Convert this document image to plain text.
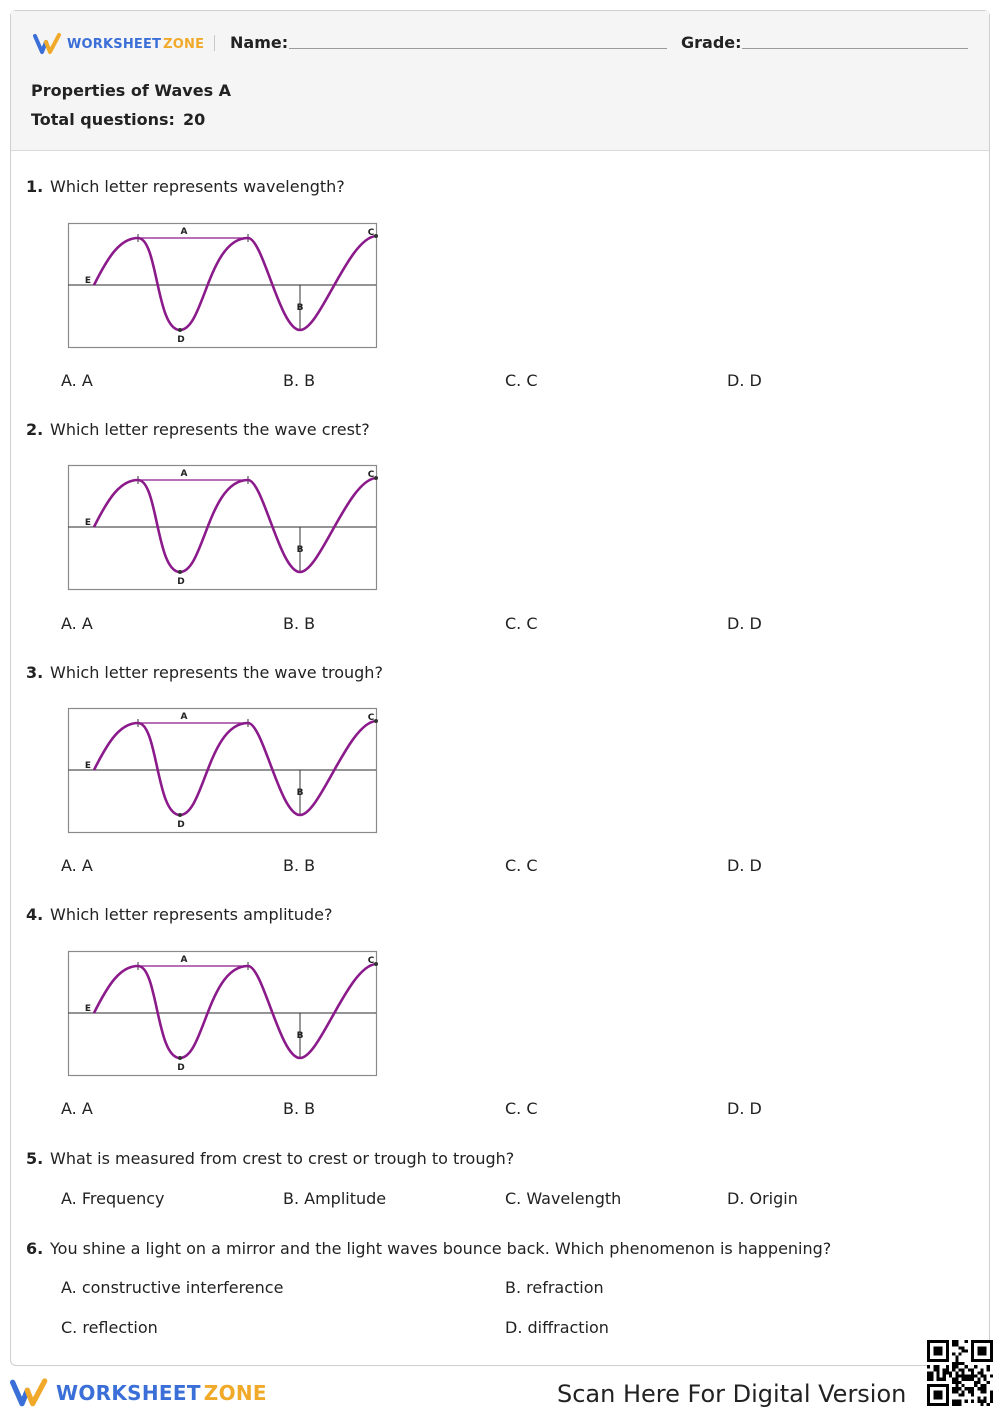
WORKSHEET ZONE Name:	Grade:
Properties of Waves A
Total questions: 20
1. Which letter represents wavelength?
A
B
C
D
E
A. A	B. B	C. C	D. D
2. Which letter represents the wave crest?
A
B
C
D
E
A. A	B. B	C. C	D. D
3. Which letter represents the wave trough?
A
B
C
D
E
A. A	B. B	C. C	D. D
4. Which letter represents amplitude?
A
B
C
D
E
A. A	B. B	C. C	D. D
5. What is measured from crest to crest or trough to trough?
A. Frequency	B. Amplitude	C. Wavelength	D. Origin
6. You shine a light on a mirror and the light waves bounce back. Which phenomenon is happening?
A. constructive interference	B. refraction
C. reflection	D. diffraction
WORKSHEET ZONE	Scan Here For Digital Version
